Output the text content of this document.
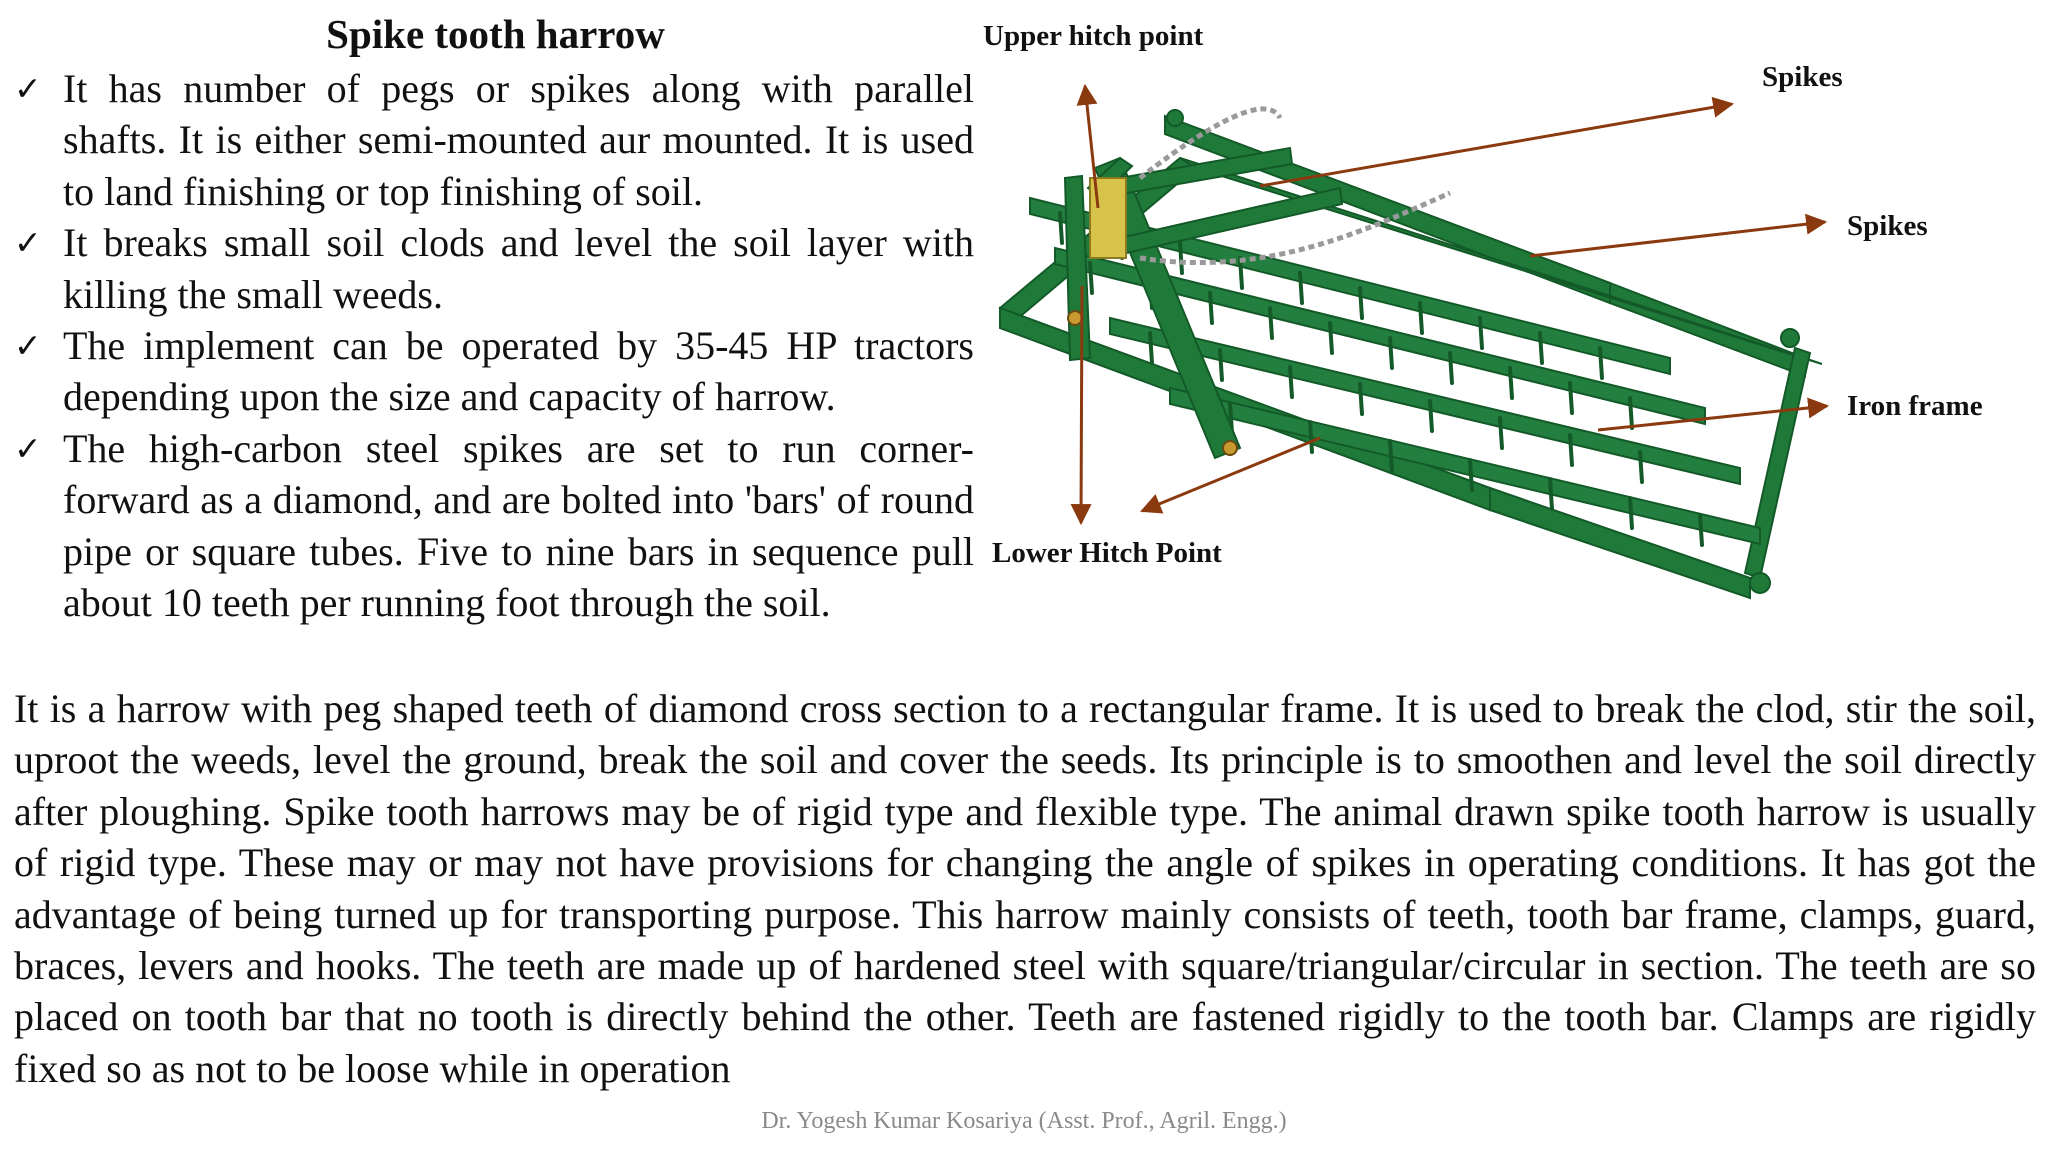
Spike tooth harrow
✓ It has number of pegs or spikes along with parallel shafts. It is either semi-mounted aur mounted. It is used to land finishing or top finishing of soil.
✓ It breaks small soil clods and level the soil layer with killing the small weeds.
✓ The implement can be operated by 35-45 HP tractors depending upon the size and capacity of harrow.
✓ The high-carbon steel spikes are set to run corner-forward as a diamond, and are bolted into 'bars' of round pipe or square tubes. Five to nine bars in sequence pull about 10 teeth per running foot through the soil.
Upper hitch point
Spikes
Spikes
Iron frame
Lower Hitch Point

It is a harrow with peg shaped teeth of diamond cross section to a rectangular frame. It is used to break the clod, stir the soil, uproot the weeds, level the ground, break the soil and cover the seeds. Its principle is to smoothen and level the soil directly after ploughing. Spike tooth harrows may be of rigid type and flexible type. The animal drawn spike tooth harrow is usually of rigid type. These may or may not have provisions for changing the angle of spikes in operating conditions. It has got the advantage of being turned up for transporting purpose. This harrow mainly consists of teeth, tooth bar frame, clamps, guard, braces, levers and hooks. The teeth are made up of hardened steel with square/triangular/circular in section. The teeth are so placed on tooth bar that no tooth is directly behind the other. Teeth are fastened rigidly to the tooth bar. Clamps are rigidly fixed so as not to be loose while in operation

Dr. Yogesh Kumar Kosariya (Asst. Prof., Agril. Engg.)
